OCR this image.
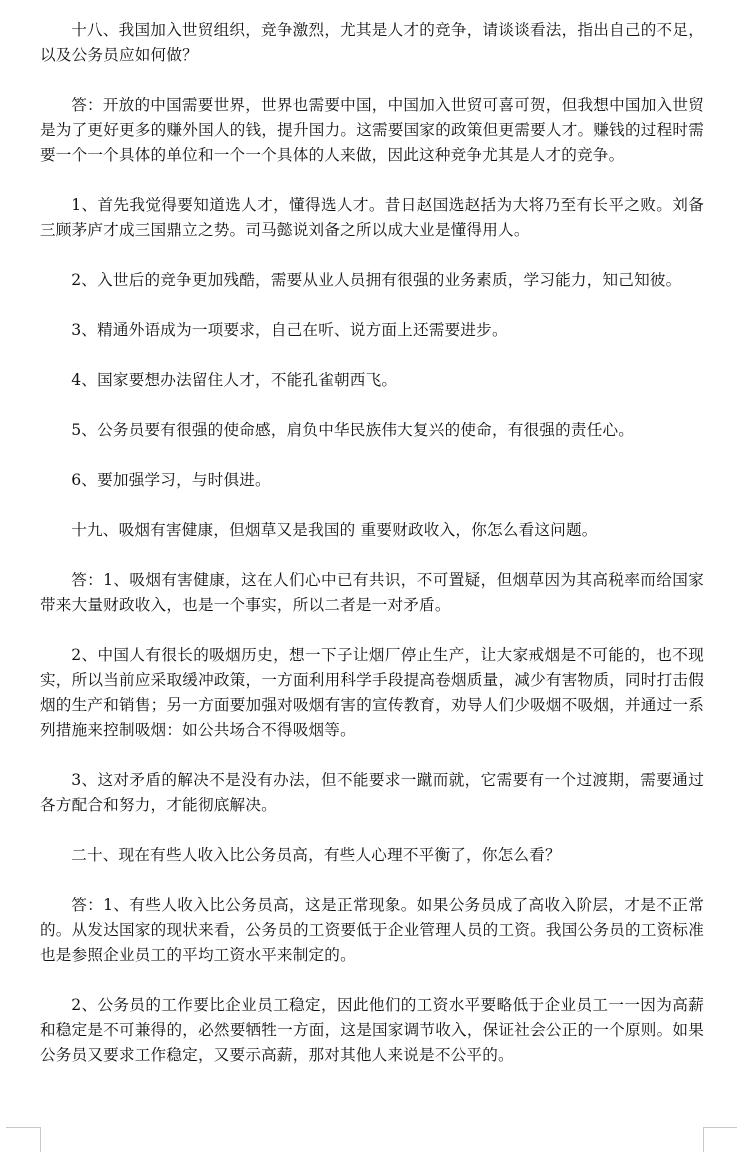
十八、我国加入世贸组织，竞争激烈，尤其是人才的竞争，请谈谈看法，指出自己的不足，以及公务员应如何做？

答：开放的中国需要世界，世界也需要中国，中国加入世贸可喜可贺，但我想中国加入世贸是为了更好更多的赚外国人的钱，提升国力。这需要国家的政策但更需要人才。赚钱的过程时需要一个一个具体的单位和一个一个具体的人来做，因此这种竞争尤其是人才的竞争。

1、首先我觉得要知道选人才，懂得选人才。昔日赵国选赵括为大将乃至有长平之败。刘备三顾茅庐才成三国鼎立之势。司马懿说刘备之所以成大业是懂得用人。

2、入世后的竞争更加残酷，需要从业人员拥有很强的业务素质，学习能力，知己知彼。

3、精通外语成为一项要求，自己在听、说方面上还需要进步。

4、国家要想办法留住人才，不能孔雀朝西飞。

5、公务员要有很强的使命感，肩负中华民族伟大复兴的使命，有很强的责任心。

6、要加强学习，与时俱进。

十九、吸烟有害健康，但烟草又是我国的 重要财政收入，你怎么看这问题。

答：1、吸烟有害健康，这在人们心中已有共识，不可置疑，但烟草因为其高税率而给国家带来大量财政收入，也是一个事实，所以二者是一对矛盾。

2、中国人有很长的吸烟历史，想一下子让烟厂停止生产，让大家戒烟是不可能的，也不现实，所以当前应采取缓冲政策，一方面利用科学手段提高卷烟质量，减少有害物质，同时打击假烟的生产和销售；另一方面要加强对吸烟有害的宣传教育，劝导人们少吸烟不吸烟，并通过一系列措施来控制吸烟：如公共场合不得吸烟等。

3、这对矛盾的解决不是没有办法，但不能要求一蹴而就，它需要有一个过渡期，需要通过各方配合和努力，才能彻底解决。

二十、现在有些人收入比公务员高，有些人心理不平衡了，你怎么看？

答：1、有些人收入比公务员高，这是正常现象。如果公务员成了高收入阶层，才是不正常的。从发达国家的现状来看，公务员的工资要低于企业管理人员的工资。我国公务员的工资标准也是参照企业员工的平均工资水平来制定的。

2、公务员的工作要比企业员工稳定，因此他们的工资水平要略低于企业员工一一因为高薪和稳定是不可兼得的，必然要牺牲一方面，这是国家调节收入，保证社会公正的一个原则。如果公务员又要求工作稳定，又要示高薪，那对其他人来说是不公平的。
